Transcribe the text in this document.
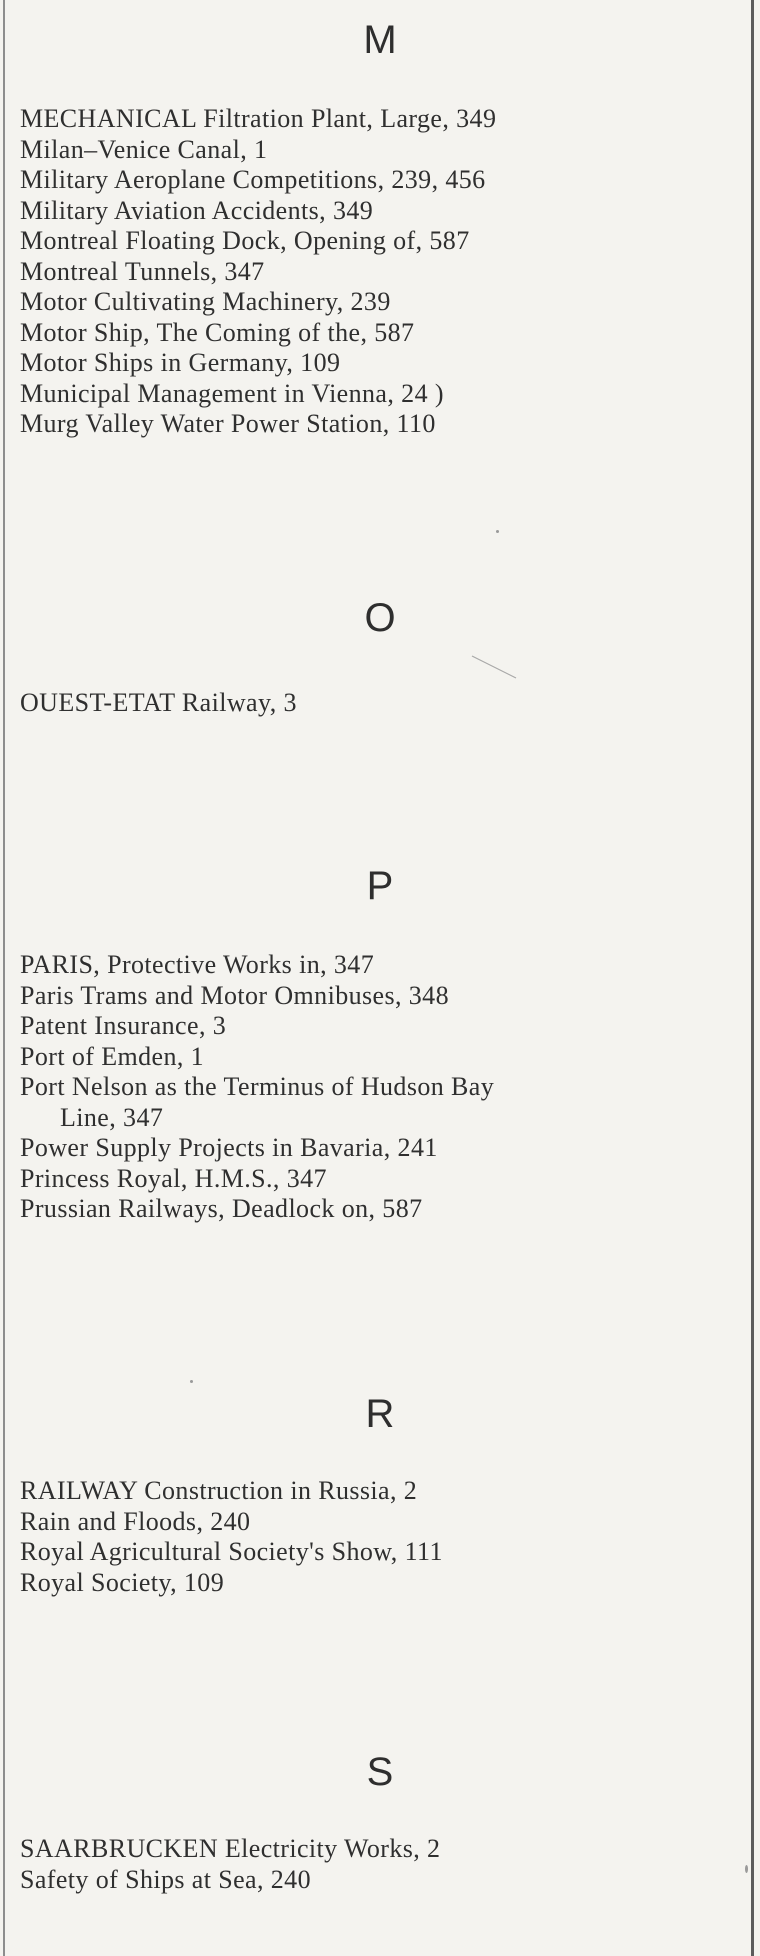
M
MECHANICAL Filtration Plant, Large, 349
Milan–Venice Canal, 1
Military Aeroplane Competitions, 239, 456
Military Aviation Accidents, 349
Montreal Floating Dock, Opening of, 587
Montreal Tunnels, 347
Motor Cultivating Machinery, 239
Motor Ship, The Coming of the, 587
Motor Ships in Germany, 109
Municipal Management in Vienna, 24 )
Murg Valley Water Power Station, 110
O
OUEST-ETAT Railway, 3
P
PARIS, Protective Works in, 347
Paris Trams and Motor Omnibuses, 348
Patent Insurance, 3
Port of Emden, 1
Port Nelson as the Terminus of Hudson Bay
Line, 347
Power Supply Projects in Bavaria, 241
Princess Royal, H.M.S., 347
Prussian Railways, Deadlock on, 587
R
RAILWAY Construction in Russia, 2
Rain and Floods, 240
Royal Agricultural Society's Show, 111
Royal Society, 109
S
SAARBRUCKEN Electricity Works, 2
Safety of Ships at Sea, 240
